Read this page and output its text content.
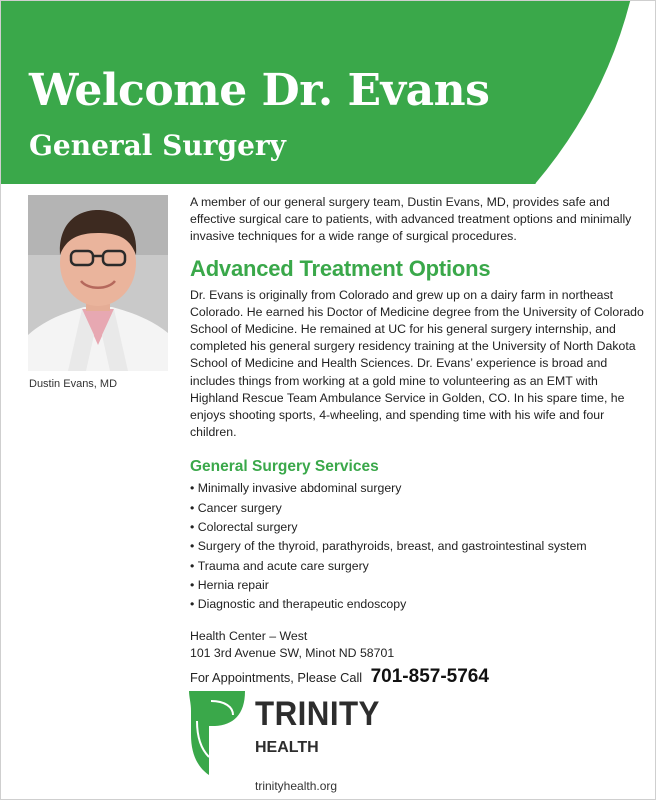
Welcome Dr. Evans
General Surgery
Dustin Evans, MD

A member of our general surgery team, Dustin Evans, MD, provides safe and effective surgical care to patients, with advanced treatment options and minimally invasive techniques for a wide range of surgical procedures.

Advanced Treatment Options

Dr. Evans is originally from Colorado and grew up on a dairy farm in northeast Colorado. He earned his Doctor of Medicine degree from the University of Colorado School of Medicine. He remained at UC for his general surgery internship, and completed his general surgery residency training at the University of North Dakota School of Medicine and Health Sciences. Dr. Evans’ experience is broad and includes things from working at a gold mine to volunteering as an EMT with Highland Rescue Team Ambulance Service in Golden, CO. In his spare time, he enjoys shooting sports, 4-wheeling, and spending time with his wife and four children.

General Surgery Services
• Minimally invasive abdominal surgery
• Cancer surgery
• Colorectal surgery
• Surgery of the thyroid, parathyroids, breast, and gastrointestinal system
• Trauma and acute care surgery
• Hernia repair
• Diagnostic and therapeutic endoscopy
Health Center – West
101 3rd Avenue SW, Minot ND 58701
For Appointments, Please Call 701-857-5764
TRINITY
HEALTH
trinityhealth.org
